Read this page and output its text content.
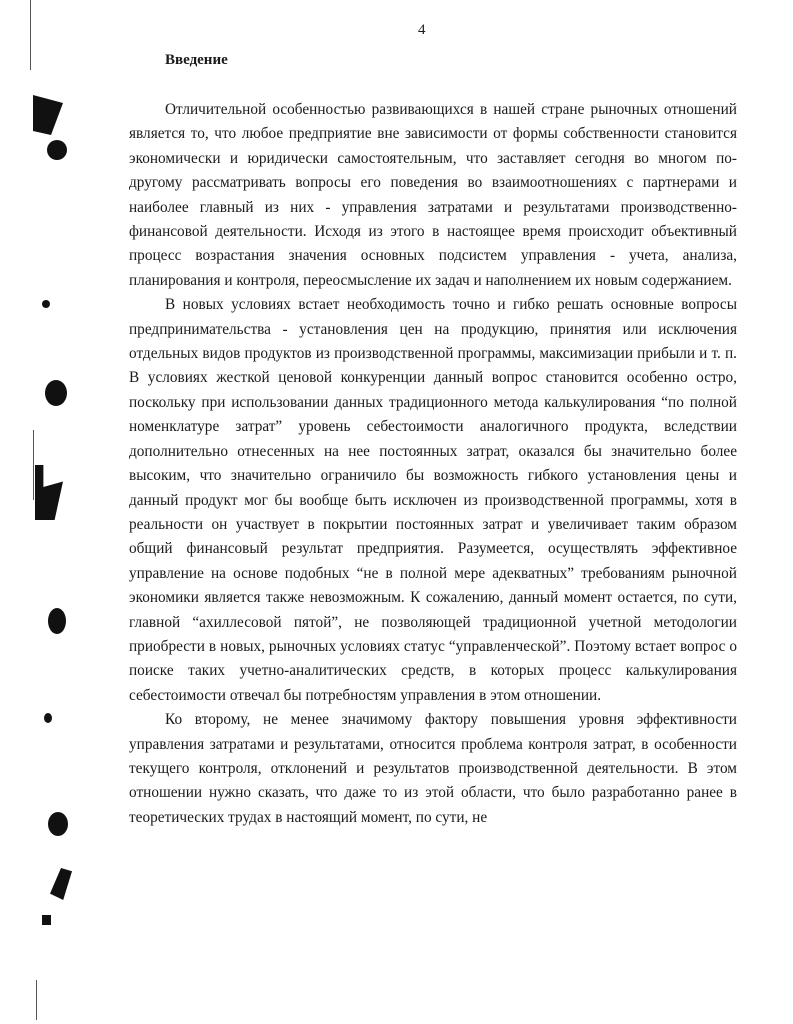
4
Введение

Отличительной особенностью развивающихся в нашей стране рыночных отношений является то, что любое предприятие вне зависимости от формы собственности становится экономически и юридически самостоятельным, что заставляет сегодня во многом по-другому рассматривать вопросы его поведения во взаимоотношениях с партнерами и наиболее главный из них - управления затратами и результатами производственно-финансовой деятельности. Исходя из этого в настоящее время происходит объективный процесс возрастания значения основных подсистем управления - учета, анализа, планирования и контроля, переосмысление их задач и наполнением их новым содержанием.

В новых условиях встает необходимость точно и гибко решать основные вопросы предпринимательства - установления цен на продукцию, принятия или исключения отдельных видов продуктов из производственной программы, максимизации прибыли и т. п. В условиях жесткой ценовой конкуренции данный вопрос становится особенно остро, поскольку при использовании данных традиционного метода калькулирования “по полной номенклатуре затрат” уровень себестоимости аналогичного продукта, вследствии дополнительно отнесенных на нее постоянных затрат, оказался бы значительно более высоким, что значительно ограничило бы возможность гибкого установления цены и данный продукт мог бы вообще быть исключен из производственной программы, хотя в реальности он участвует в покрытии постоянных затрат и увеличивает таким образом общий финансовый результат предприятия. Разумеется, осуществлять эффективное управление на основе подобных “не в полной мере адекватных” требованиям рыночной экономики является также невозможным. К сожалению, данный момент остается, по сути, главной “ахиллесовой пятой”, не позволяющей традиционной учетной методологии приобрести в новых, рыночных условиях статус “управленческой”. Поэтому встает вопрос о поиске таких учетно-аналитических средств, в которых процесс калькулирования себестоимости отвечал бы потребностям управления в этом отношении.

Ко второму, не менее значимому фактору повышения уровня эффективности управления затратами и результатами, относится проблема контроля затрат, в особенности текущего контроля, отклонений и результатов производственной деятельности. В этом отношении нужно сказать, что даже то из этой области, что было разработанно ранее в теоретических трудах в настоящий момент, по сути, не
